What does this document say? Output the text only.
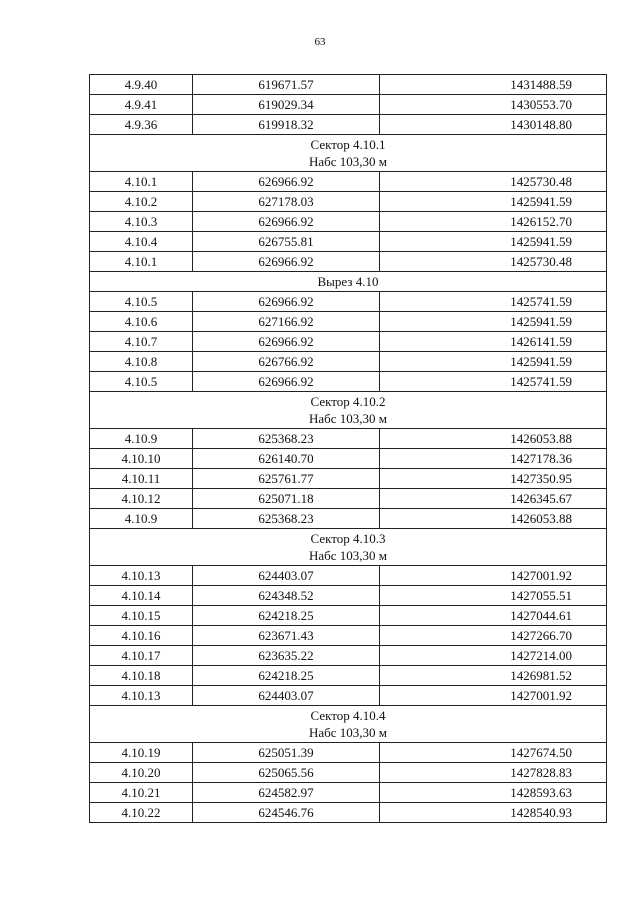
63
4.9.40	619671.57	1431488.59
4.9.41	619029.34	1430553.70
4.9.36	619918.32	1430148.80

Сектор 4.10.1
Набс 103,30 м		

4.10.1	626966.92	1425730.48
4.10.2	627178.03	1425941.59
4.10.3	626966.92	1426152.70
4.10.4	626755.81	1425941.59
4.10.1	626966.92	1425730.48

Вырез 4.10		

4.10.5	626966.92	1425741.59
4.10.6	627166.92	1425941.59
4.10.7	626966.92	1426141.59
4.10.8	626766.92	1425941.59
4.10.5	626966.92	1425741.59

Сектор 4.10.2
Набс 103,30 м		

4.10.9	625368.23	1426053.88
4.10.10	626140.70	1427178.36
4.10.11	625761.77	1427350.95
4.10.12	625071.18	1426345.67
4.10.9	625368.23	1426053.88

Сектор 4.10.3
Набс 103,30 м		

4.10.13	624403.07	1427001.92
4.10.14	624348.52	1427055.51
4.10.15	624218.25	1427044.61
4.10.16	623671.43	1427266.70
4.10.17	623635.22	1427214.00
4.10.18	624218.25	1426981.52
4.10.13	624403.07	1427001.92

Сектор 4.10.4
Набс 103,30 м		

4.10.19	625051.39	1427674.50
4.10.20	625065.56	1427828.83
4.10.21	624582.97	1428593.63
4.10.22	624546.76	1428540.93
